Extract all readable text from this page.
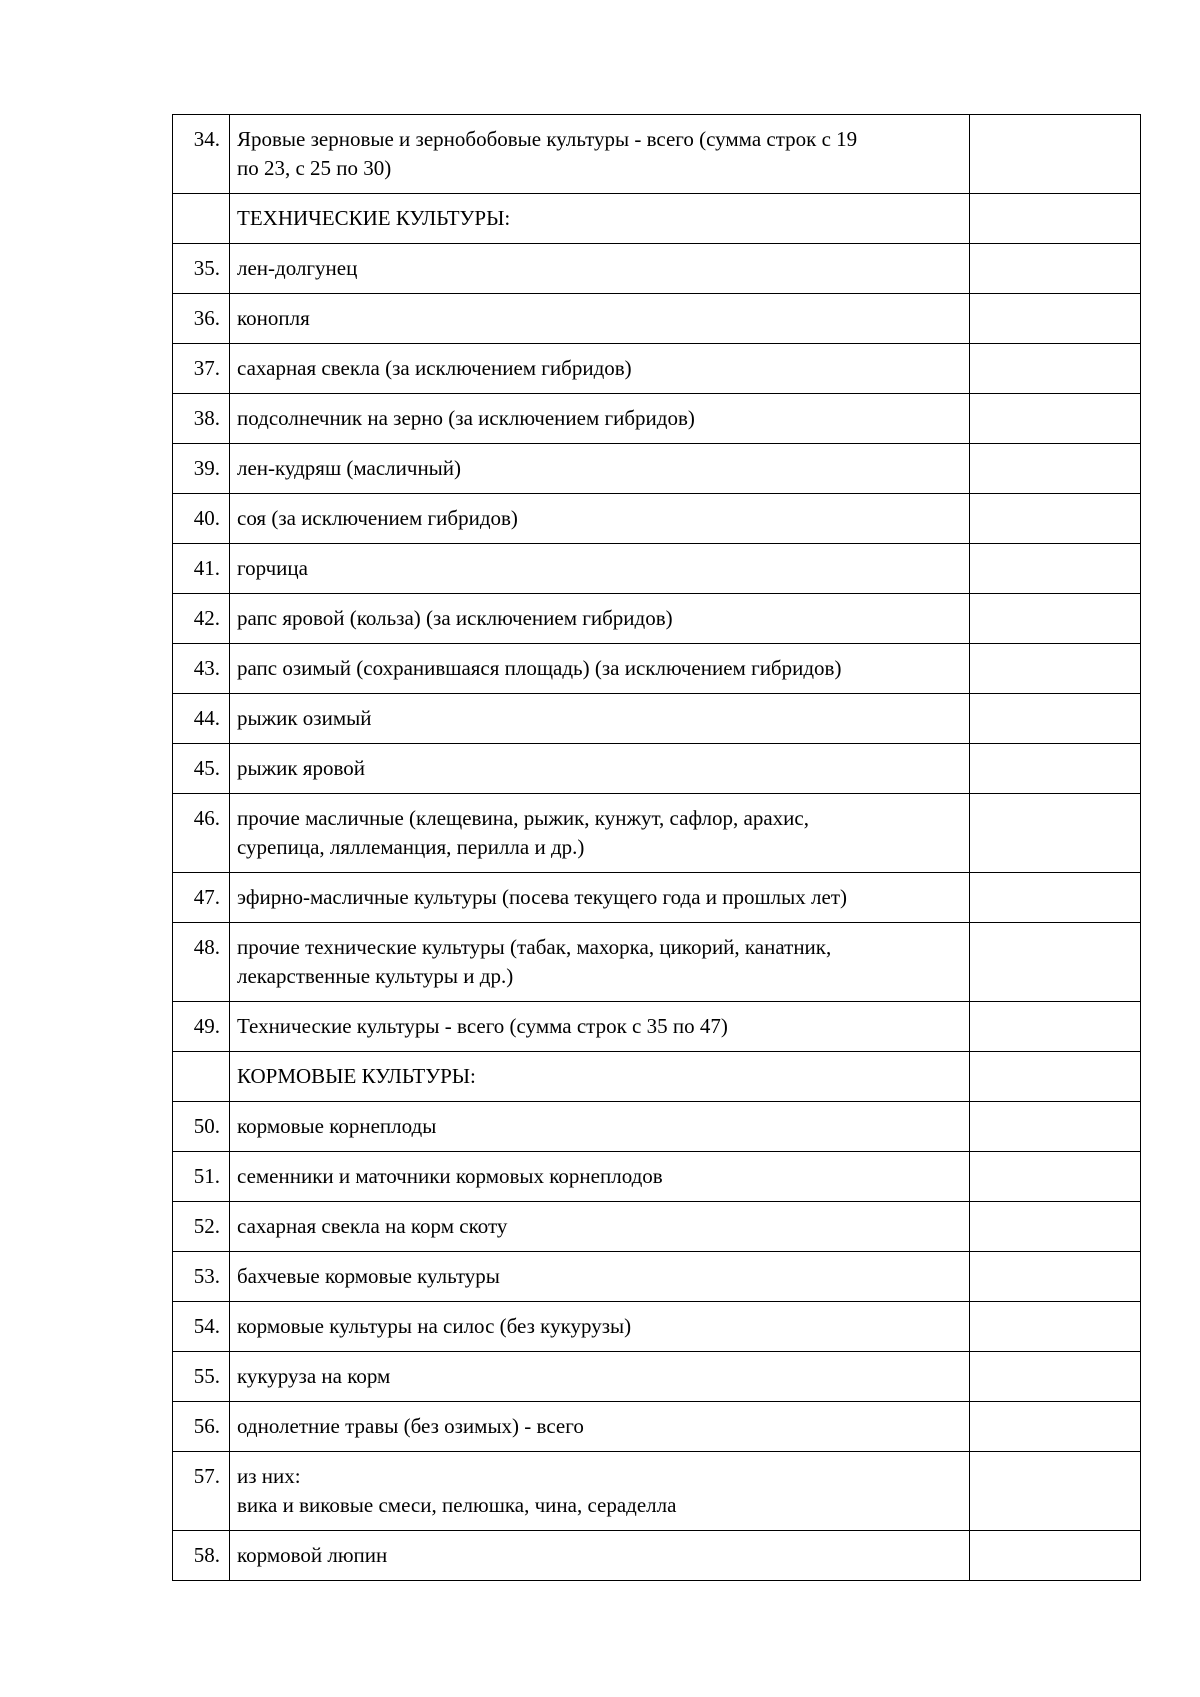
34.	Яровые зерновые и зернобобовые культуры - всего (сумма строк с 19
по 23, с 25 по 30)	

	ТЕХНИЧЕСКИЕ КУЛЬТУРЫ:	

35.	лен-долгунец	

36.	конопля	

37.	сахарная свекла (за исключением гибридов)	

38.	подсолнечник на зерно (за исключением гибридов)	

39.	лен-кудряш (масличный)	

40.	соя (за исключением гибридов)	

41.	горчица	

42.	рапс яровой (кольза) (за исключением гибридов)	

43.	рапс озимый (сохранившаяся площадь) (за исключением гибридов)	

44.	рыжик озимый	

45.	рыжик яровой	

46.	прочие масличные (клещевина, рыжик, кунжут, сафлор, арахис,
сурепица, ляллеманция, перилла и др.)	

47.	эфирно-масличные культуры (посева текущего года и прошлых лет)	

48.	прочие технические культуры (табак, махорка, цикорий, канатник,
лекарственные культуры и др.)	

49.	Технические культуры - всего (сумма строк с 35 по 47)	

	КОРМОВЫЕ КУЛЬТУРЫ:	

50.	кормовые корнеплоды	

51.	семенники и маточники кормовых корнеплодов	

52.	сахарная свекла на корм скоту	

53.	бахчевые кормовые культуры	

54.	кормовые культуры на силос (без кукурузы)	

55.	кукуруза на корм	

56.	однолетние травы (без озимых) - всего	

57.	из них:
вика и виковые смеси, пелюшка, чина, сераделла	

58.	кормовой люпин	
